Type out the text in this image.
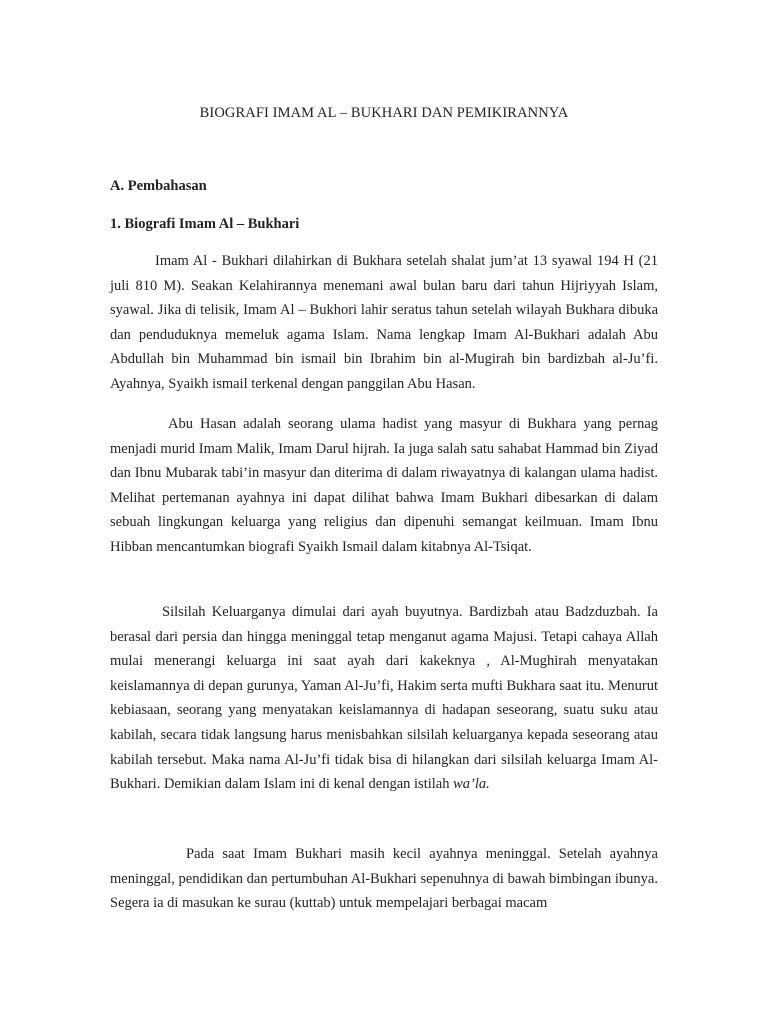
BIOGRAFI IMAM AL – BUKHARI DAN PEMIKIRANNYA
A. Pembahasan
1. Biografi Imam Al – Bukhari

Imam Al - Bukhari dilahirkan di Bukhara setelah shalat jum’at 13 syawal 194 H (21 juli 810 M). Seakan Kelahirannya menemani awal bulan baru dari tahun Hijriyyah Islam, syawal. Jika di telisik, Imam Al – Bukhori lahir seratus tahun setelah wilayah Bukhara dibuka dan penduduknya memeluk agama Islam. Nama lengkap Imam Al-Bukhari adalah Abu Abdullah bin Muhammad bin ismail bin Ibrahim bin al-Mugirah bin bardizbah al-Ju’fi. Ayahnya, Syaikh ismail terkenal dengan panggilan Abu Hasan.

Abu Hasan adalah seorang ulama hadist yang masyur di Bukhara yang pernag menjadi murid Imam Malik, Imam Darul hijrah. Ia juga salah satu sahabat Hammad bin Ziyad dan Ibnu Mubarak tabi’in masyur dan diterima di dalam riwayatnya di kalangan ulama hadist. Melihat pertemanan ayahnya ini dapat dilihat bahwa Imam Bukhari dibesarkan di dalam sebuah lingkungan keluarga yang religius dan dipenuhi semangat keilmuan. Imam Ibnu Hibban mencantumkan biografi Syaikh Ismail dalam kitabnya Al-Tsiqat.

Silsilah Keluarganya dimulai dari ayah buyutnya. Bardizbah atau Badzduzbah. Ia berasal dari persia dan hingga meninggal tetap menganut agama Majusi. Tetapi cahaya Allah mulai menerangi keluarga ini saat ayah dari kakeknya , Al-Mughirah menyatakan keislamannya di depan gurunya, Yaman Al-Ju’fi, Hakim serta mufti Bukhara saat itu. Menurut kebiasaan, seorang yang menyatakan keislamannya di hadapan seseorang, suatu suku atau kabilah, secara tidak langsung harus menisbahkan silsilah keluarganya kepada seseorang atau kabilah tersebut. Maka nama Al-Ju’fi tidak bisa di hilangkan dari silsilah keluarga Imam Al-Bukhari. Demikian dalam Islam ini di kenal dengan istilah wa’la.

Pada saat Imam Bukhari masih kecil ayahnya meninggal. Setelah ayahnya meninggal, pendidikan dan pertumbuhan Al-Bukhari sepenuhnya di bawah bimbingan ibunya. Segera ia di masukan ke surau (kuttab) untuk mempelajari berbagai macam
